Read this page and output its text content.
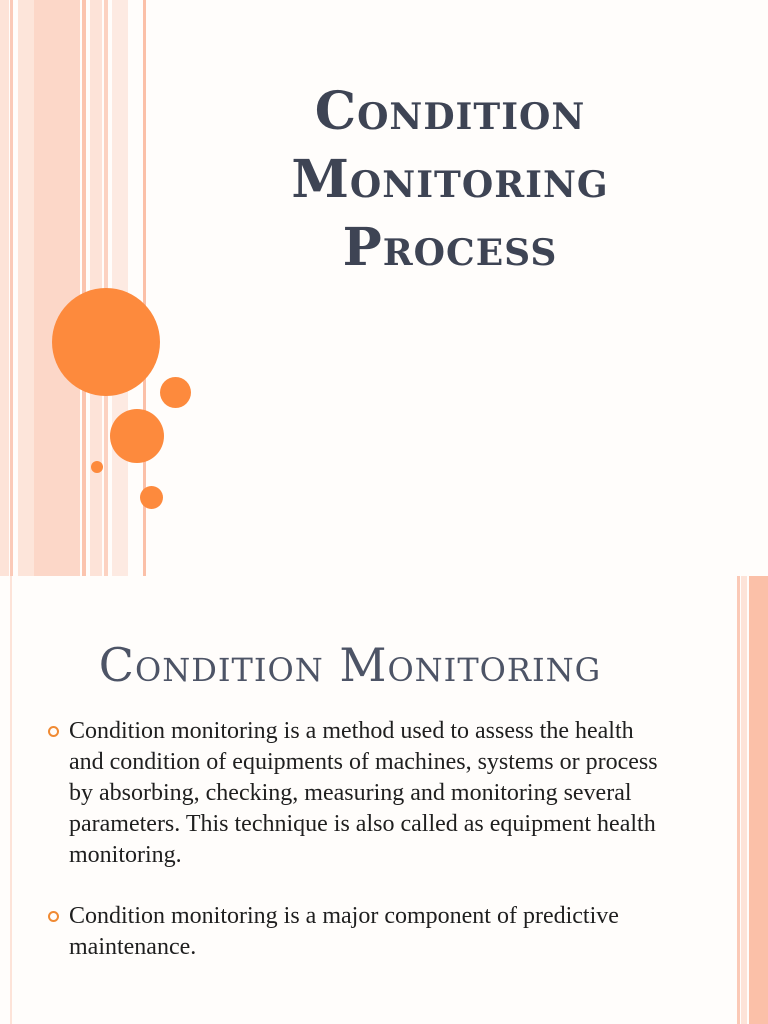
Condition
Monitoring
Process
Condition Monitoring
Condition monitoring is a method used to assess the health and condition of equipments of machines, systems or process by absorbing, checking, measuring and monitoring several parameters. This technique is also called as equipment health monitoring.
Condition monitoring is a major component of predictive maintenance.
